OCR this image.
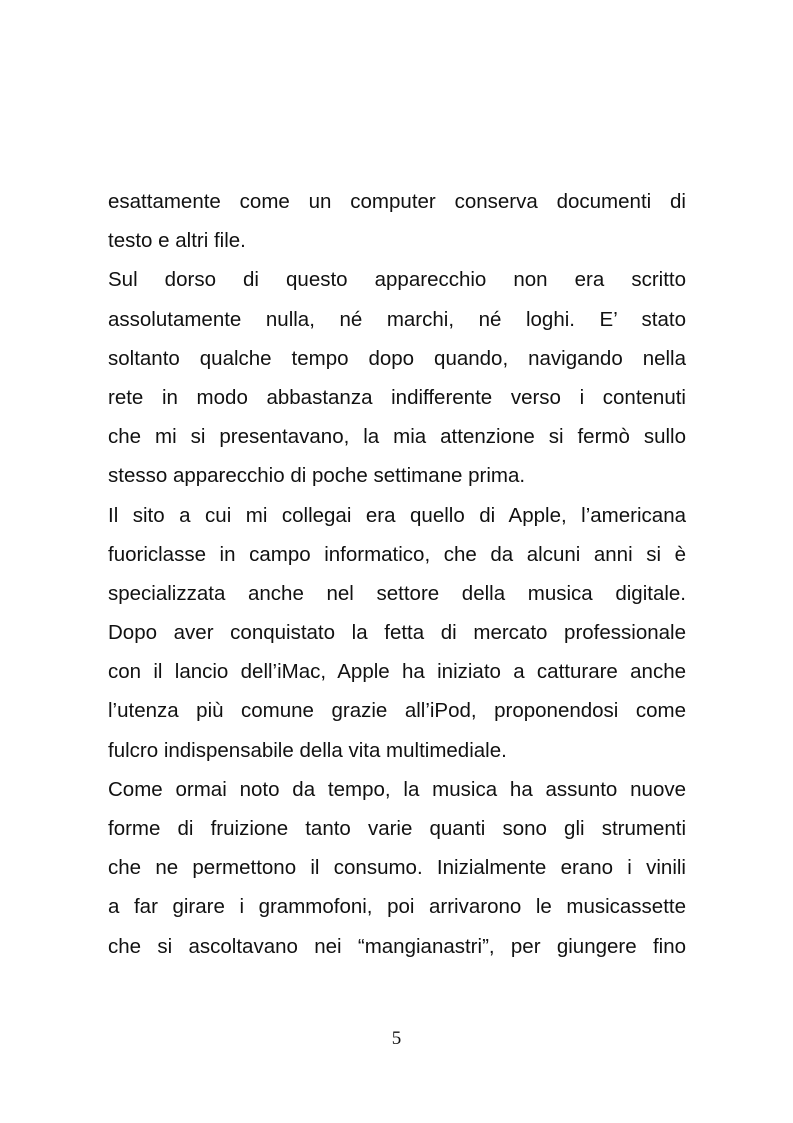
esattamente come un computer conserva documenti di
testo e altri file.
Sul dorso di questo apparecchio non era scritto
assolutamente nulla, né marchi, né loghi. E’ stato
soltanto qualche tempo dopo quando, navigando nella
rete in modo abbastanza indifferente verso i contenuti
che mi si presentavano, la mia attenzione si fermò sullo
stesso apparecchio di poche settimane prima.
Il sito a cui mi collegai era quello di Apple, l’americana
fuoriclasse in campo informatico, che da alcuni anni si è
specializzata anche nel settore della musica digitale.
Dopo aver conquistato la fetta di mercato professionale
con il lancio dell’iMac, Apple ha iniziato a catturare anche
l’utenza più comune grazie all’iPod, proponendosi come
fulcro indispensabile della vita multimediale.
Come ormai noto da tempo, la musica ha assunto nuove
forme di fruizione tanto varie quanti sono gli strumenti
che ne permettono il consumo. Inizialmente erano i vinili
a far girare i grammofoni, poi arrivarono le musicassette
che si ascoltavano nei “mangianastri”, per giungere fino
5
